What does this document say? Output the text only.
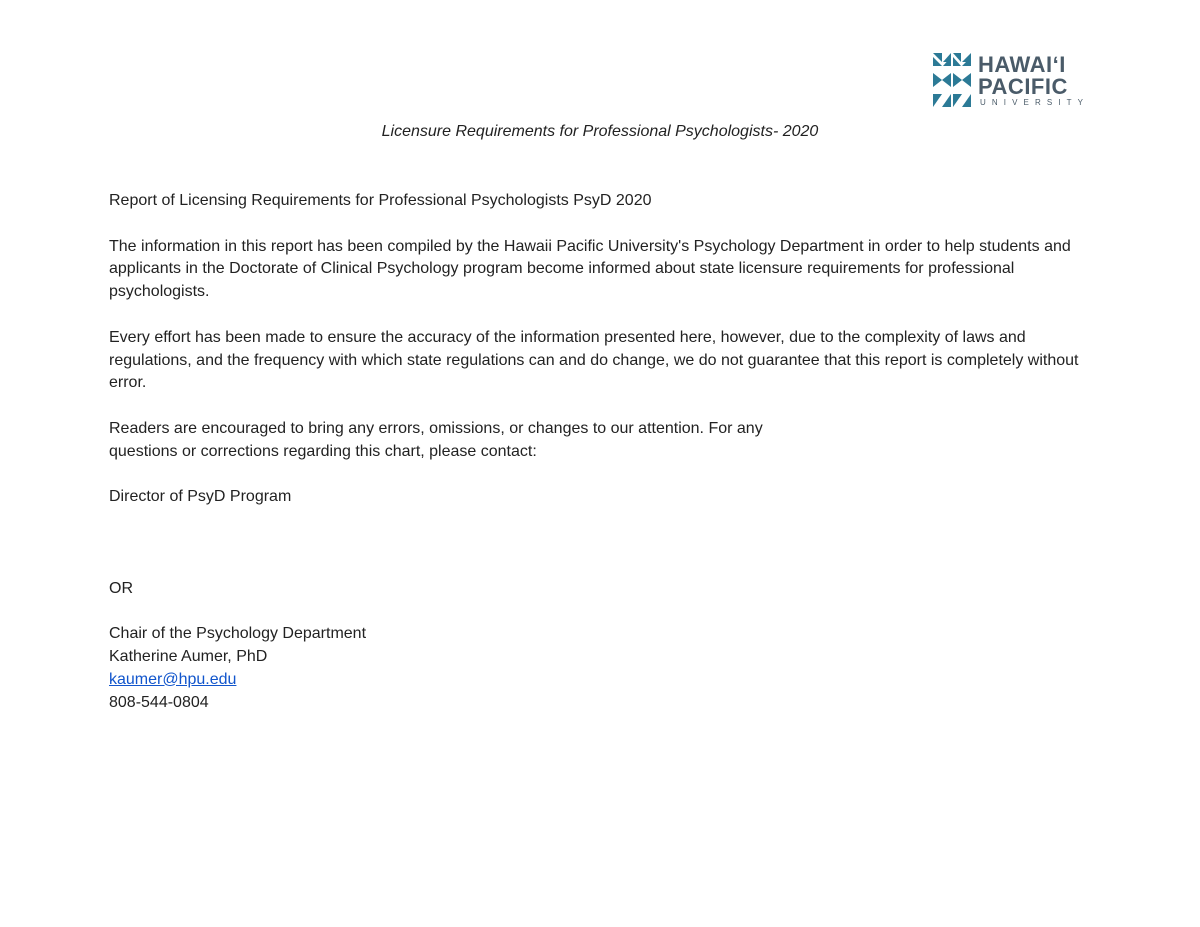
HAWAIʻI
PACIFIC
UNIVERSITY
Licensure Requirements for Professional Psychologists- 2020

Report of Licensing Requirements for Professional Psychologists PsyD 2020

The information in this report has been compiled by the Hawaii Pacific University's Psychology Department in order to help students and applicants in the Doctorate of Clinical Psychology program become informed about state licensure requirements for professional psychologists.

Every effort has been made to ensure the accuracy of the information presented here, however, due to the complexity of laws and regulations, and the frequency with which state regulations can and do change, we do not guarantee that this report is completely without error.

Readers are encouraged to bring any errors, omissions, or changes to our attention. For any

questions or corrections regarding this chart, please contact:

Director of PsyD Program

OR

Chair of the Psychology Department

Katherine Aumer, PhD

kaumer@hpu.edu

808-544-0804
